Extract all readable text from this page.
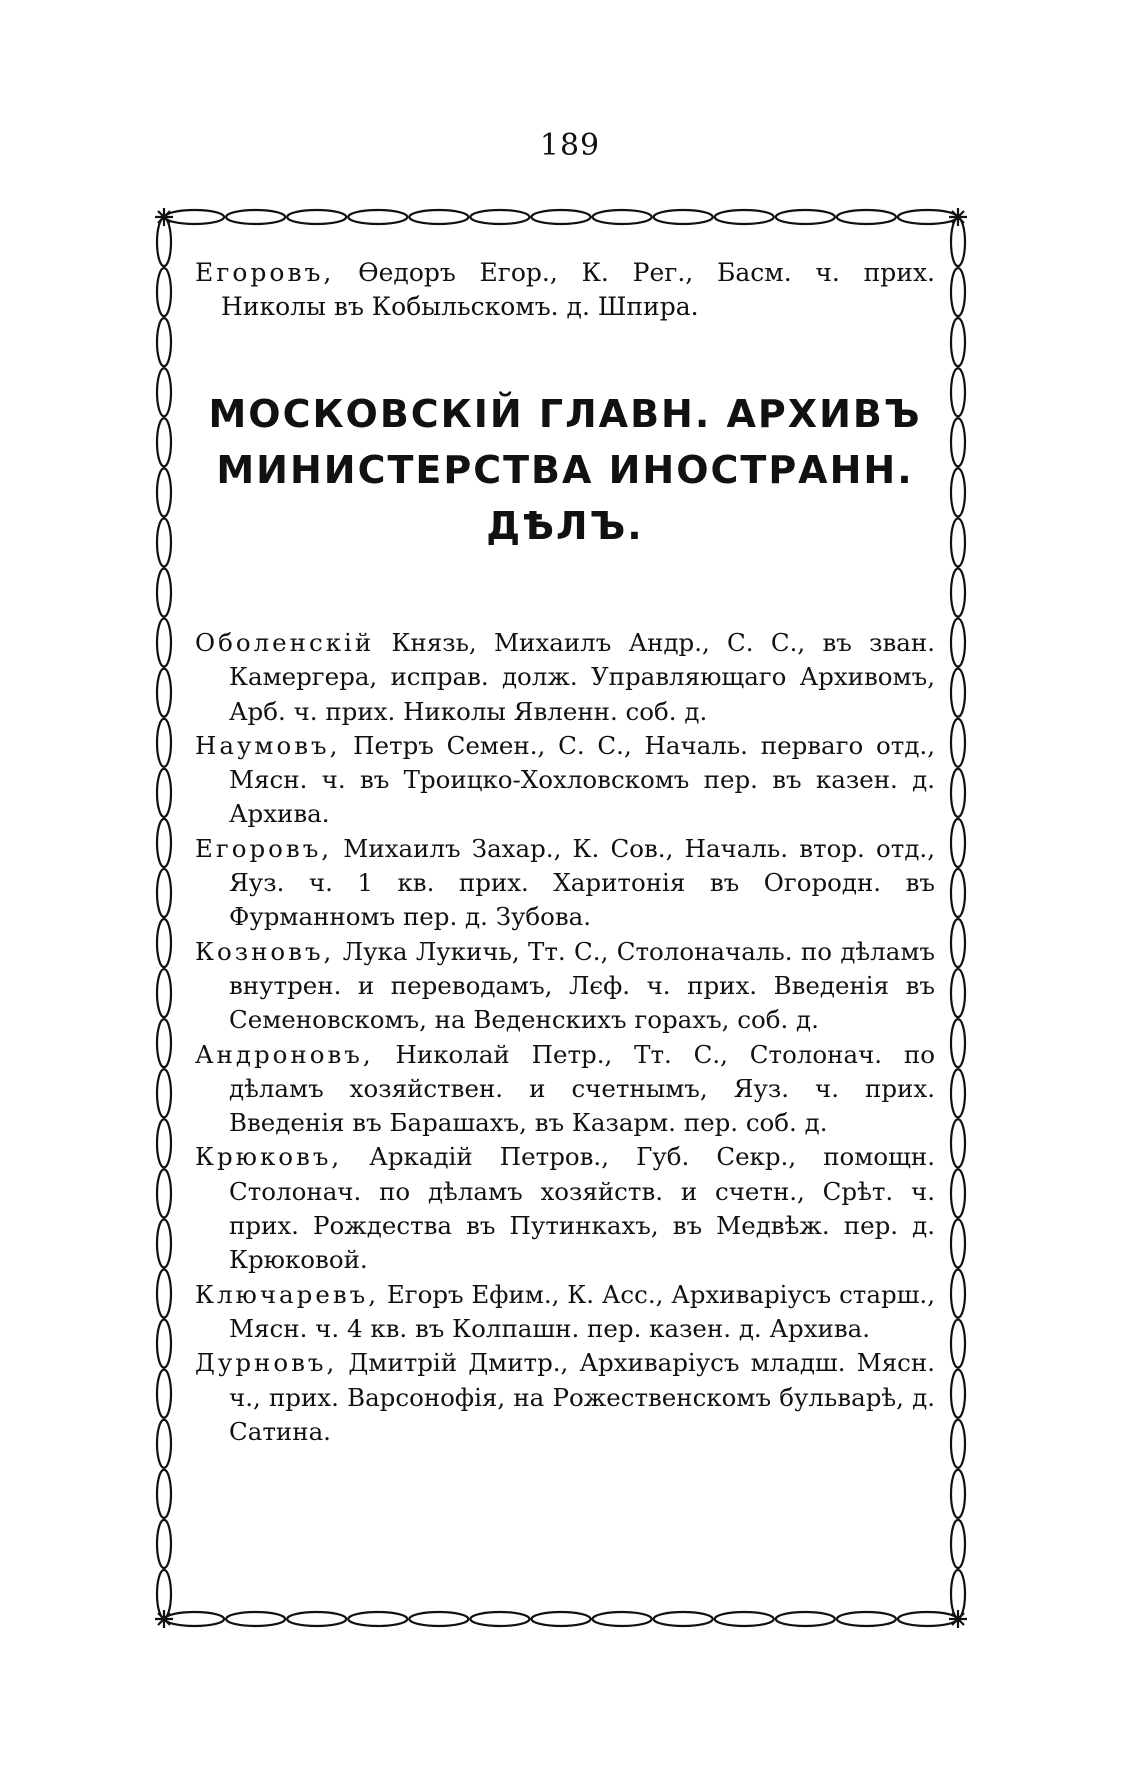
189
Егоровъ, Ѳедоръ Егор., К. Рег., Басм. ч. прих. Николы въ Кобыльскомъ. д. Шпира.
МОСКОВСКІЙ ГЛАВН. АРХИВЪ
МИНИСТЕРСТВА ИНОСТРАНН.
ДѢЛЪ.
Оболенскій Князь, Михаилъ Андр., С. С., въ зван. Камергера, исправ. долж. Управляющаго Архивомъ, Арб. ч. прих. Николы Явленн. соб. д.
Наумовъ, Петръ Семен., С. С., Началь. перваго отд., Мясн. ч. въ Троицко-Хохловскомъ пер. въ казен. д. Архива.
Егоровъ, Михаилъ Захар., К. Сов., Началь. втор. отд., Яуз. ч. 1 кв. прих. Харитонія въ Огородн. въ Фурманномъ пер. д. Зубова.
Козновъ, Лука Лукичь, Тт. С., Столоначаль. по дѣламъ внутрен. и переводамъ, Лєф. ч. прих. Введенія въ Семеновскомъ, на Веденскихъ горахъ, соб. д.
Андроновъ, Николай Петр., Тт. С., Столонач. по дѣламъ хозяйствен. и счетнымъ, Яуз. ч. прих. Введенія въ Барашахъ, въ Казарм. пер. соб. д.
Крюковъ, Аркадій Петров., Губ. Секр., помощн. Столонач. по дѣламъ хозяйств. и счетн., Срѣт. ч. прих. Рождества въ Путинкахъ, въ Медвѣж. пер. д. Крюковой.
Ключаревъ, Егоръ Ефим., К. Асс., Архиваріусъ старш., Мясн. ч. 4 кв. въ Колпашн. пер. казен. д. Архива.
Дурновъ, Дмитрій Дмитр., Архиваріусъ младш. Мясн. ч., прих. Варсонофія, на Рожественскомъ бульварѣ, д. Сатина.
